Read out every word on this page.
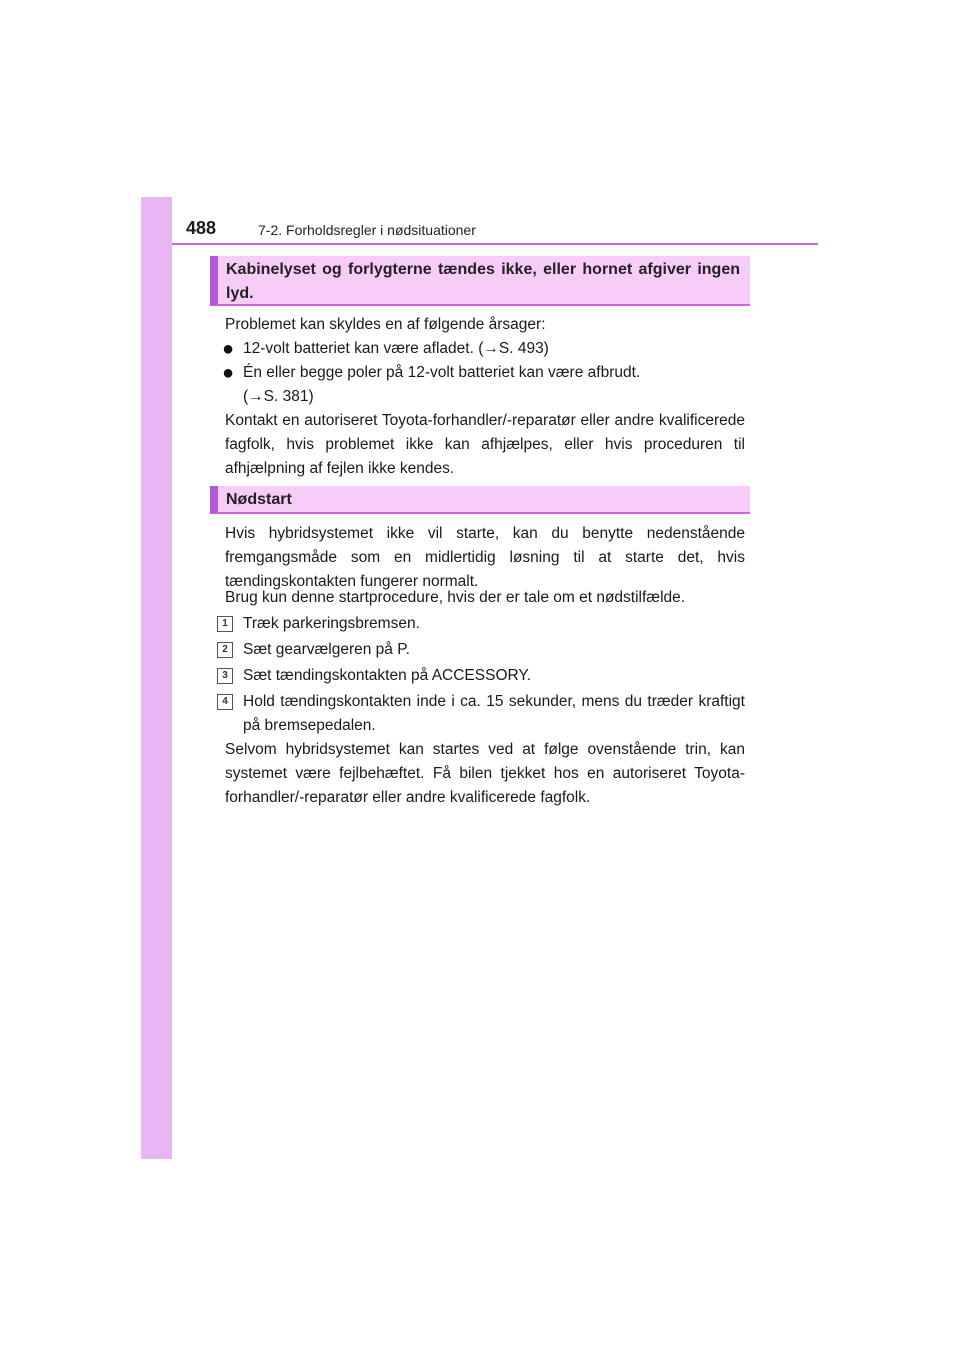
488	7-2. Forholdsregler i nødsituationer
Kabinelyset og forlygterne tændes ikke, eller hornet afgiver ingen lyd.
Problemet kan skyldes en af følgende årsager:
● 12-volt batteriet kan være afladet. (→S. 493)
● Én eller begge poler på 12-volt batteriet kan være afbrudt.
(→S. 381)
Kontakt en autoriseret Toyota-forhandler/-reparatør eller andre kvalificerede fagfolk, hvis problemet ikke kan afhjælpes, eller hvis proceduren til afhjælpning af fejlen ikke kendes.
Nødstart
Hvis hybridsystemet ikke vil starte, kan du benytte nedenstående fremgangsmåde som en midlertidig løsning til at starte det, hvis tændingskontakten fungerer normalt.
Brug kun denne startprocedure, hvis der er tale om et nødstilfælde.
1 Træk parkeringsbremsen.
2 Sæt gearvælgeren på P.
3 Sæt tændingskontakten på ACCESSORY.
4 Hold tændingskontakten inde i ca. 15 sekunder, mens du træder kraftigt på bremsepedalen.
Selvom hybridsystemet kan startes ved at følge ovenstående trin, kan systemet være fejlbehæftet. Få bilen tjekket hos en autoriseret Toyota-forhandler/-reparatør eller andre kvalificerede fagfolk.
